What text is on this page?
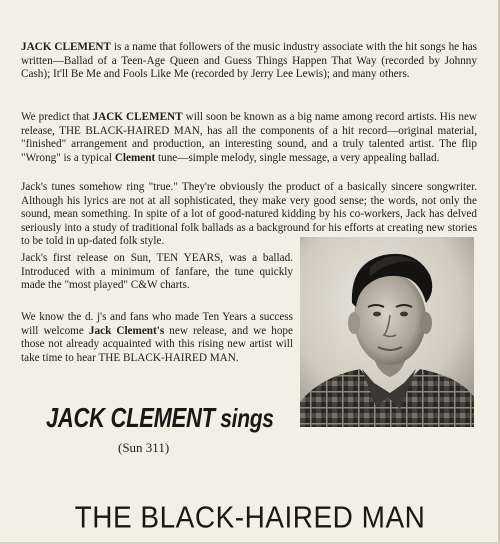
JACK CLEMENT is a name that followers of the music industry associate with the hit songs he has written—Ballad of a Teen-Age Queen and Guess Things Happen That Way (recorded by Johnny Cash); It'll Be Me and Fools Like Me (recorded by Jerry Lee Lewis); and many others.

We predict that JACK CLEMENT will soon be known as a big name among record artists. His new release, THE BLACK-HAIRED MAN, has all the components of a hit record—original material, "finished" arrangement and production, an interesting sound, and a truly talented artist. The flip "Wrong" is a typical Clement tune—simple melody, single message, a very appealing ballad.

Jack's tunes somehow ring "true." They're obviously the product of a basically sincere songwriter. Although his lyrics are not at all sophisticated, they make very good sense; the words, not only the sound, mean something. In spite of a lot of good-natured kidding by his co-workers, Jack has delved seriously into a study of traditional folk ballads as a background for his efforts at creating new stories to be told in up-dated folk style.

Jack's first release on Sun, TEN YEARS, was a ballad. Introduced with a minimum of fanfare, the tune quickly made the "most played" C&W charts.

We know the d. j's and fans who made Ten Years a success will welcome Jack Clement's new release, and we hope those not already acquainted with this rising new artist will take time to hear THE BLACK-HAIRED MAN.

JACK CLEMENT sings
(Sun 311)
THE BLACK-HAIRED MAN
